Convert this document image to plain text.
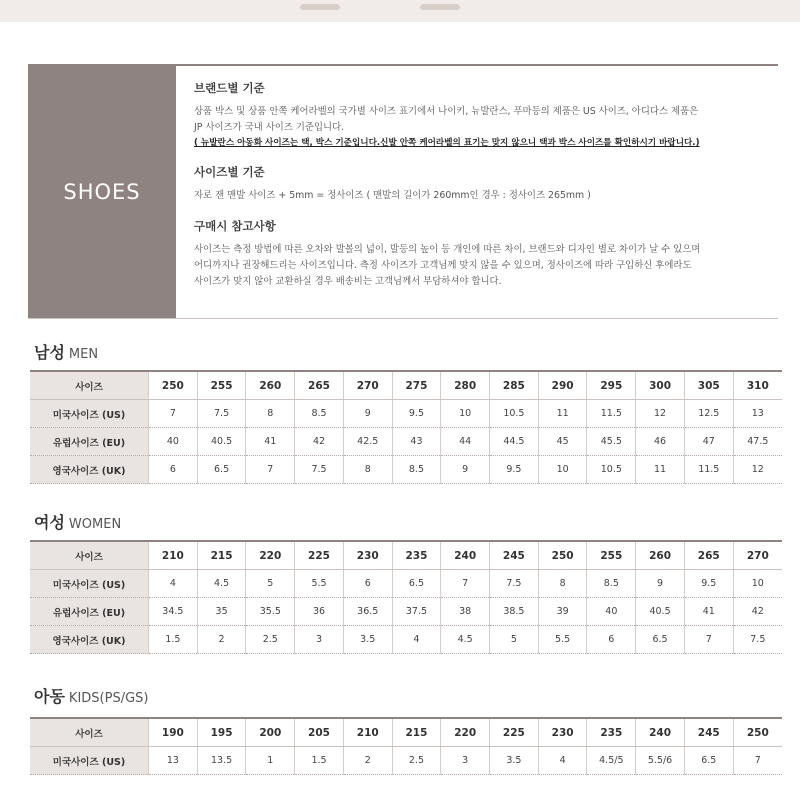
SHOES

브랜드별 기준

상품 박스 및 상품 안쪽 케어라벨의 국가별 사이즈 표기에서 나이키, 뉴발란스, 푸마등의 제품은 US 사이즈, 아디다스 제품은

JP 사이즈가 국내 사이즈 기준입니다.

( 뉴발란스 아동화 사이즈는 택, 박스 기준입니다.신발 안쪽 케어라벨의 표기는 맞지 않으니 택과 박스 사이즈를 확인하시기 바랍니다.)

사이즈별 기준

자로 잰 맨발 사이즈 + 5mm = 정사이즈 ( 맨발의 길이가 260mm인 경우 : 정사이즈 265mm )

구매시 참고사항

사이즈는 측정 방법에 따른 오차와 발볼의 넓이, 발등의 높이 등 개인에 따른 차이, 브랜드와 디자인 별로 차이가 날 수 있으며

어디까지나 권장해드리는 사이즈입니다. 측정 사이즈가 고객님께 맞지 않을 수 있으며, 정사이즈에 따라 구입하신 후에라도

사이즈가 맞지 않아 교환하실 경우 배송비는 고객님께서 부담하셔야 합니다.

남성 MEN
사이즈	250	255	260	265	270	275	280	285	290	295	300	305	310
미국사이즈 (US)	7	7.5	8	8.5	9	9.5	10	10.5	11	11.5	12	12.5	13
유럽사이즈 (EU)	40	40.5	41	42	42.5	43	44	44.5	45	45.5	46	47	47.5
영국사이즈 (UK)	6	6.5	7	7.5	8	8.5	9	9.5	10	10.5	11	11.5	12
여성 WOMEN
사이즈	210	215	220	225	230	235	240	245	250	255	260	265	270
미국사이즈 (US)	4	4.5	5	5.5	6	6.5	7	7.5	8	8.5	9	9.5	10
유럽사이즈 (EU)	34.5	35	35.5	36	36.5	37.5	38	38.5	39	40	40.5	41	42
영국사이즈 (UK)	1.5	2	2.5	3	3.5	4	4.5	5	5.5	6	6.5	7	7.5
아동 KIDS(PS/GS)
사이즈	190	195	200	205	210	215	220	225	230	235	240	245	250
미국사이즈 (US)	13	13.5	1	1.5	2	2.5	3	3.5	4	4.5/5	5.5/6	6.5	7
